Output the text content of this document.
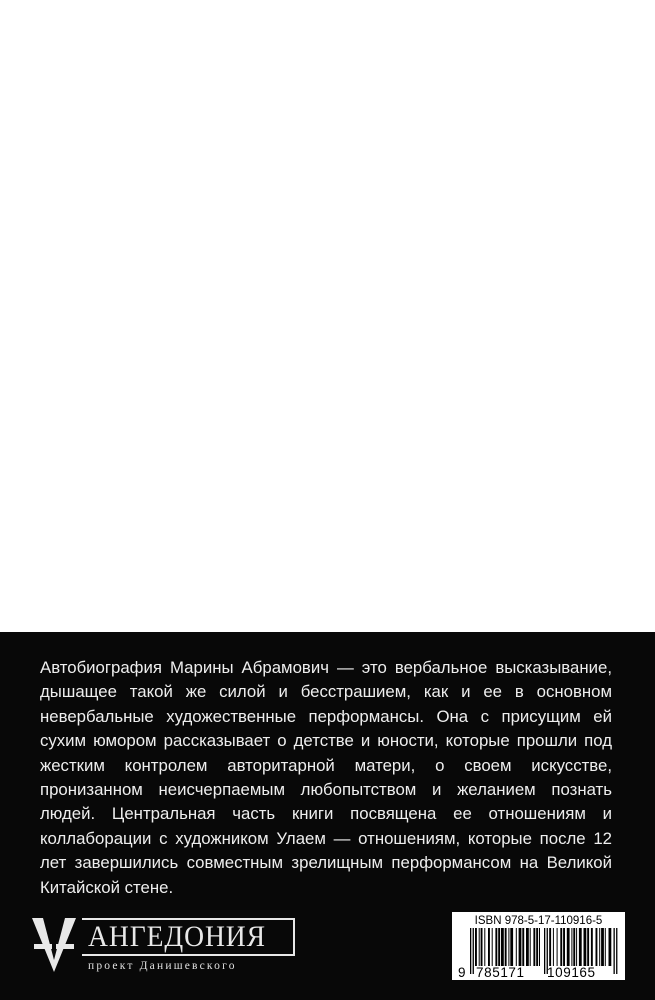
Автобиография Марины Абрамович — это вербальное высказывание, дышащее такой же силой и бесстрашием, как и ее в основном невербальные художественные перформансы. Она с присущим ей сухим юмором рассказывает о детстве и юности, которые прошли под жестким контролем авторитарной матери, о своем искусстве, пронизанном неисчерпаемым любопытством и желанием познать людей. Центральная часть книги посвящена ее отношениям и коллаборации с художником Улаем — отношениям, которые после 12 лет завершились совместным зрелищным перформансом на Великой Китайской стене.

АНГЕДОНИЯ
проект Данишевского
ISBN 978-5-17-110916-5
9 785171 109165
